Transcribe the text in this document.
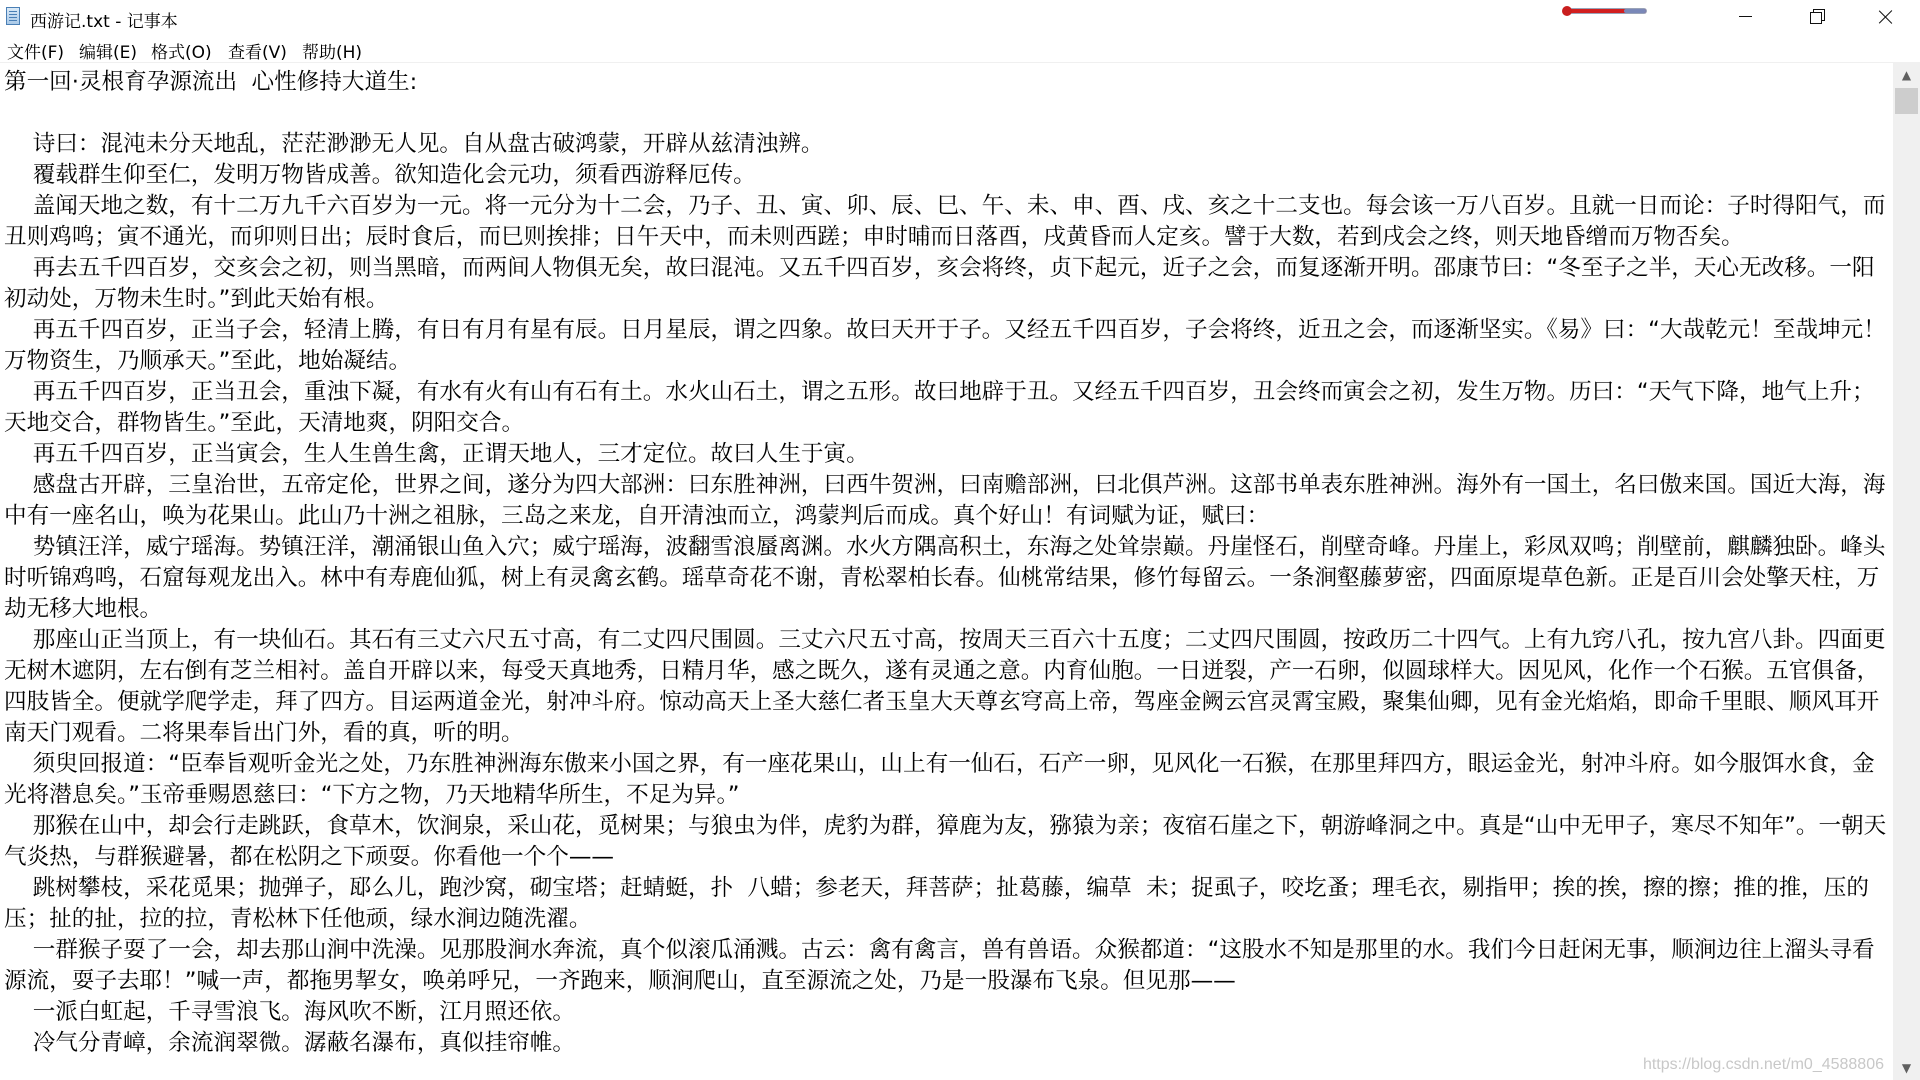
西游记.txt - 记事本
文件(F) 编辑(E) 格式(O) 查看(V) 帮助(H)
第一回·灵根育孕源流出  心性修持大道生:

诗曰：混沌未分天地乱，茫茫渺渺无人见。自从盘古破鸿蒙，开辟从兹清浊辨。
覆载群生仰至仁，发明万物皆成善。欲知造化会元功，须看西游释厄传。
盖闻天地之数，有十二万九千六百岁为一元。将一元分为十二会，乃子、丑、寅、卯、辰、巳、午、未、申、酉、戌、亥之十二支也。每会该一万八百岁。且就一日而论：子时得阳气，而丑则鸡鸣；寅不通光，而卯则日出；辰时食后，而巳则挨排；日午天中，而未则西蹉；申时晡而日落酉，戌黄昏而人定亥。譬于大数，若到戌会之终，则天地昏缯而万物否矣。
再去五千四百岁，交亥会之初，则当黑暗，而两间人物俱无矣，故曰混沌。又五千四百岁，亥会将终，贞下起元，近子之会，而复逐渐开明。邵康节曰：“冬至子之半，天心无改移。一阳初动处，万物未生时。”到此天始有根。
再五千四百岁，正当子会，轻清上腾，有日有月有星有辰。日月星辰，谓之四象。故曰天开于子。又经五千四百岁，子会将终，近丑之会，而逐渐坚实。《易》曰：“大哉乾元！至哉坤元！万物资生，乃顺承天。”至此，地始凝结。
再五千四百岁，正当丑会，重浊下凝，有水有火有山有石有土。水火山石土，谓之五形。故曰地辟于丑。又经五千四百岁，丑会终而寅会之初，发生万物。历曰：“天气下降，地气上升；天地交合，群物皆生。”至此，天清地爽，阴阳交合。
再五千四百岁，正当寅会，生人生兽生禽，正谓天地人，三才定位。故曰人生于寅。
感盘古开辟，三皇治世，五帝定伦，世界之间，遂分为四大部洲：曰东胜神洲，曰西牛贺洲，曰南赡部洲，曰北俱芦洲。这部书单表东胜神洲。海外有一国土，名曰傲来国。国近大海，海中有一座名山，唤为花果山。此山乃十洲之祖脉，三岛之来龙，自开清浊而立，鸿蒙判后而成。真个好山！有词赋为证，赋曰：
势镇汪洋，威宁瑶海。势镇汪洋，潮涌银山鱼入穴；威宁瑶海，波翻雪浪蜃离渊。水火方隅高积土，东海之处耸崇巅。丹崖怪石，削壁奇峰。丹崖上，彩凤双鸣；削壁前，麒麟独卧。峰头时听锦鸡鸣，石窟每观龙出入。林中有寿鹿仙狐，树上有灵禽玄鹤。瑶草奇花不谢，青松翠柏长春。仙桃常结果，修竹每留云。一条涧壑藤萝密，四面原堤草色新。正是百川会处擎天柱，万劫无移大地根。
那座山正当顶上，有一块仙石。其石有三丈六尺五寸高，有二丈四尺围圆。三丈六尺五寸高，按周天三百六十五度；二丈四尺围圆，按政历二十四气。上有九窍八孔，按九宫八卦。四面更无树木遮阴，左右倒有芝兰相衬。盖自开辟以来，每受天真地秀，日精月华，感之既久，遂有灵通之意。内育仙胞。一日迸裂，产一石卵，似圆球样大。因见风，化作一个石猴。五官俱备，四肢皆全。便就学爬学走，拜了四方。目运两道金光，射冲斗府。惊动高天上圣大慈仁者玉皇大天尊玄穹高上帝，驾座金阙云宫灵霄宝殿，聚集仙卿，见有金光焰焰，即命千里眼、顺风耳开南天门观看。二将果奉旨出门外，看的真，听的明。
须臾回报道：“臣奉旨观听金光之处，乃东胜神洲海东傲来小国之界，有一座花果山，山上有一仙石，石产一卵，见风化一石猴，在那里拜四方，眼运金光，射冲斗府。如今服饵水食，金光将潜息矣。”玉帝垂赐恩慈曰：“下方之物，乃天地精华所生，不足为异。”
那猴在山中，却会行走跳跃，食草木，饮涧泉，采山花，觅树果；与狼虫为伴，虎豹为群，獐鹿为友，猕猿为亲；夜宿石崖之下，朝游峰洞之中。真是“山中无甲子，寒尽不知年”。一朝天气炎热，与群猴避暑，都在松阴之下顽耍。你看他一个个——
跳树攀枝，采花觅果；抛弹子，邷么儿，跑沙窝，砌宝塔；赶蜻蜓，扑  八蜡；参老天，拜菩萨；扯葛藤，编草  未；捉虱子，咬圪蚤；理毛衣，剔指甲；挨的挨，擦的擦；推的推，压的压；扯的扯，拉的拉，青松林下任他顽，绿水涧边随洗濯。
一群猴子耍了一会，却去那山涧中洗澡。见那股涧水奔流，真个似滚瓜涌溅。古云：禽有禽言，兽有兽语。众猴都道：“这股水不知是那里的水。我们今日赶闲无事，顺涧边往上溜头寻看源流，耍子去耶！”喊一声，都拖男挈女，唤弟呼兄，一齐跑来，顺涧爬山，直至源流之处，乃是一股瀑布飞泉。但见那——
一派白虹起，千寻雪浪飞。海风吹不断，江月照还依。
冷气分青嶂，余流润翠微。潺蔽名瀑布，真似挂帘帷。
▲
▼
https://blog.csdn.net/m0_4588806
